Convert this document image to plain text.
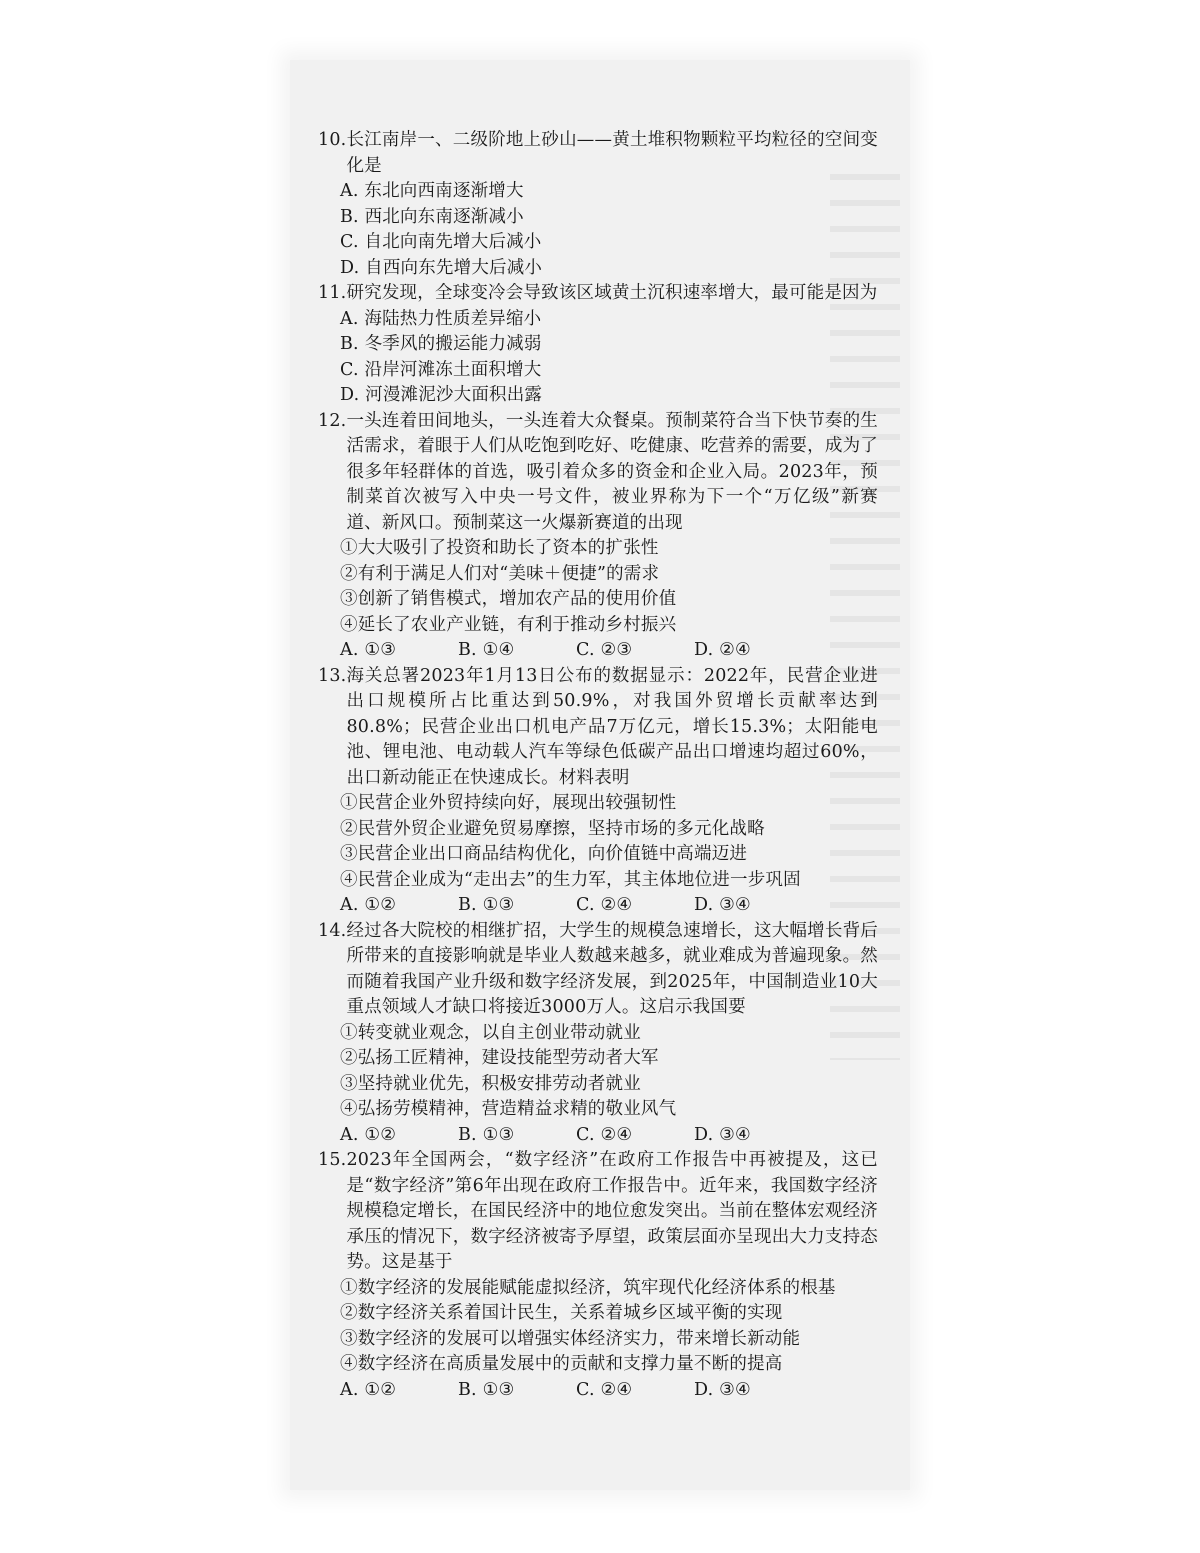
10. 长江南岸一、二级阶地上砂山——黄土堆积物颗粒平均粒径的空间变化是
A. 东北向西南逐渐增大
B. 西北向东南逐渐减小
C. 自北向南先增大后减小
D. 自西向东先增大后减小
11. 研究发现，全球变冷会导致该区域黄土沉积速率增大，最可能是因为
A. 海陆热力性质差异缩小
B. 冬季风的搬运能力减弱
C. 沿岸河滩冻土面积增大
D. 河漫滩泥沙大面积出露
12. 一头连着田间地头，一头连着大众餐桌。预制菜符合当下快节奏的生活需求，着眼于人们从吃饱到吃好、吃健康、吃营养的需要，成为了很多年轻群体的首选，吸引着众多的资金和企业入局。2023年，预制菜首次被写入中央一号文件，被业界称为下一个“万亿级”新赛道、新风口。预制菜这一火爆新赛道的出现
①大大吸引了投资和助长了资本的扩张性
②有利于满足人们对“美味＋便捷”的需求
③创新了销售模式，增加农产品的使用价值
④延长了农业产业链，有利于推动乡村振兴
A. ①③	B. ①④	C. ②③	D. ②④
13. 海关总署2023年1月13日公布的数据显示：2022年，民营企业进出口规模所占比重达到50.9%，对我国外贸增长贡献率达到80.8%；民营企业出口机电产品7万亿元，增长15.3%；太阳能电池、锂电池、电动载人汽车等绿色低碳产品出口增速均超过60%，出口新动能正在快速成长。材料表明
①民营企业外贸持续向好，展现出较强韧性
②民营外贸企业避免贸易摩擦，坚持市场的多元化战略
③民营企业出口商品结构优化，向价值链中高端迈进
④民营企业成为“走出去”的生力军，其主体地位进一步巩固
A. ①②	B. ①③	C. ②④	D. ③④
14. 经过各大院校的相继扩招，大学生的规模急速增长，这大幅增长背后所带来的直接影响就是毕业人数越来越多，就业难成为普遍现象。然而随着我国产业升级和数字经济发展，到2025年，中国制造业10大重点领域人才缺口将接近3000万人。这启示我国要
①转变就业观念，以自主创业带动就业
②弘扬工匠精神，建设技能型劳动者大军
③坚持就业优先，积极安排劳动者就业
④弘扬劳模精神，营造精益求精的敬业风气
A. ①②	B. ①③	C. ②④	D. ③④
15. 2023年全国两会，“数字经济”在政府工作报告中再被提及，这已是“数字经济”第6年出现在政府工作报告中。近年来，我国数字经济规模稳定增长，在国民经济中的地位愈发突出。当前在整体宏观经济承压的情况下，数字经济被寄予厚望，政策层面亦呈现出大力支持态势。这是基于
①数字经济的发展能赋能虚拟经济，筑牢现代化经济体系的根基
②数字经济关系着国计民生，关系着城乡区域平衡的实现
③数字经济的发展可以增强实体经济实力，带来增长新动能
④数字经济在高质量发展中的贡献和支撑力量不断的提高
A. ①②	B. ①③	C. ②④	D. ③④
